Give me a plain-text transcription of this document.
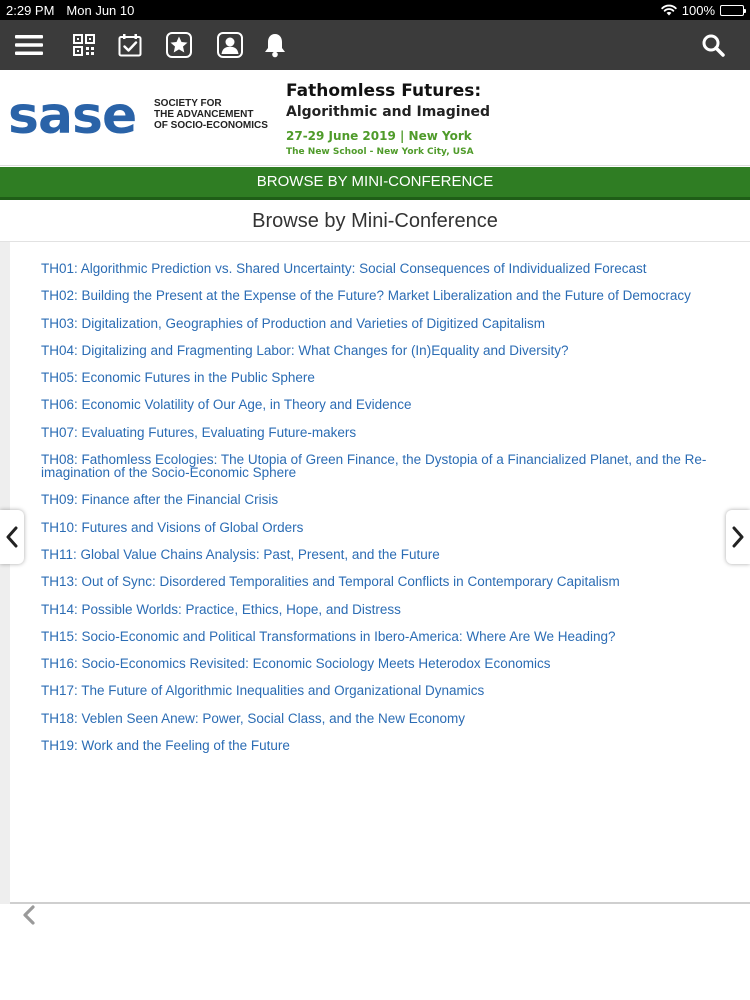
2:29 PM Mon Jun 10	100%
sase SOCIETY FOR
THE ADVANCEMENT
OF SOCIO-ECONOMICS
Fathomless Futures:
Algorithmic and Imagined
27-29 June 2019 | New York
The New School - New York City, USA
BROWSE BY MINI-CONFERENCE
Browse by Mini-Conference
TH01: Algorithmic Prediction vs. Shared Uncertainty: Social Consequences of Individualized Forecast
TH02: Building the Present at the Expense of the Future? Market Liberalization and the Future of Democracy
TH03: Digitalization, Geographies of Production and Varieties of Digitized Capitalism
TH04: Digitalizing and Fragmenting Labor: What Changes for (In)Equality and Diversity?
TH05: Economic Futures in the Public Sphere
TH06: Economic Volatility of Our Age, in Theory and Evidence
TH07: Evaluating Futures, Evaluating Future-makers
TH08: Fathomless Ecologies: The Utopia of Green Finance, the Dystopia of a Financialized Planet, and the Re-imagination of the Socio-Economic Sphere
TH09: Finance after the Financial Crisis
TH10: Futures and Visions of Global Orders
TH11: Global Value Chains Analysis: Past, Present, and the Future
TH13: Out of Sync: Disordered Temporalities and Temporal Conflicts in Contemporary Capitalism
TH14: Possible Worlds: Practice, Ethics, Hope, and Distress
TH15: Socio-Economic and Political Transformations in Ibero-America: Where Are We Heading?
TH16: Socio-Economics Revisited: Economic Sociology Meets Heterodox Economics
TH17: The Future of Algorithmic Inequalities and Organizational Dynamics
TH18: Veblen Seen Anew: Power, Social Class, and the New Economy
TH19: Work and the Feeling of the Future
